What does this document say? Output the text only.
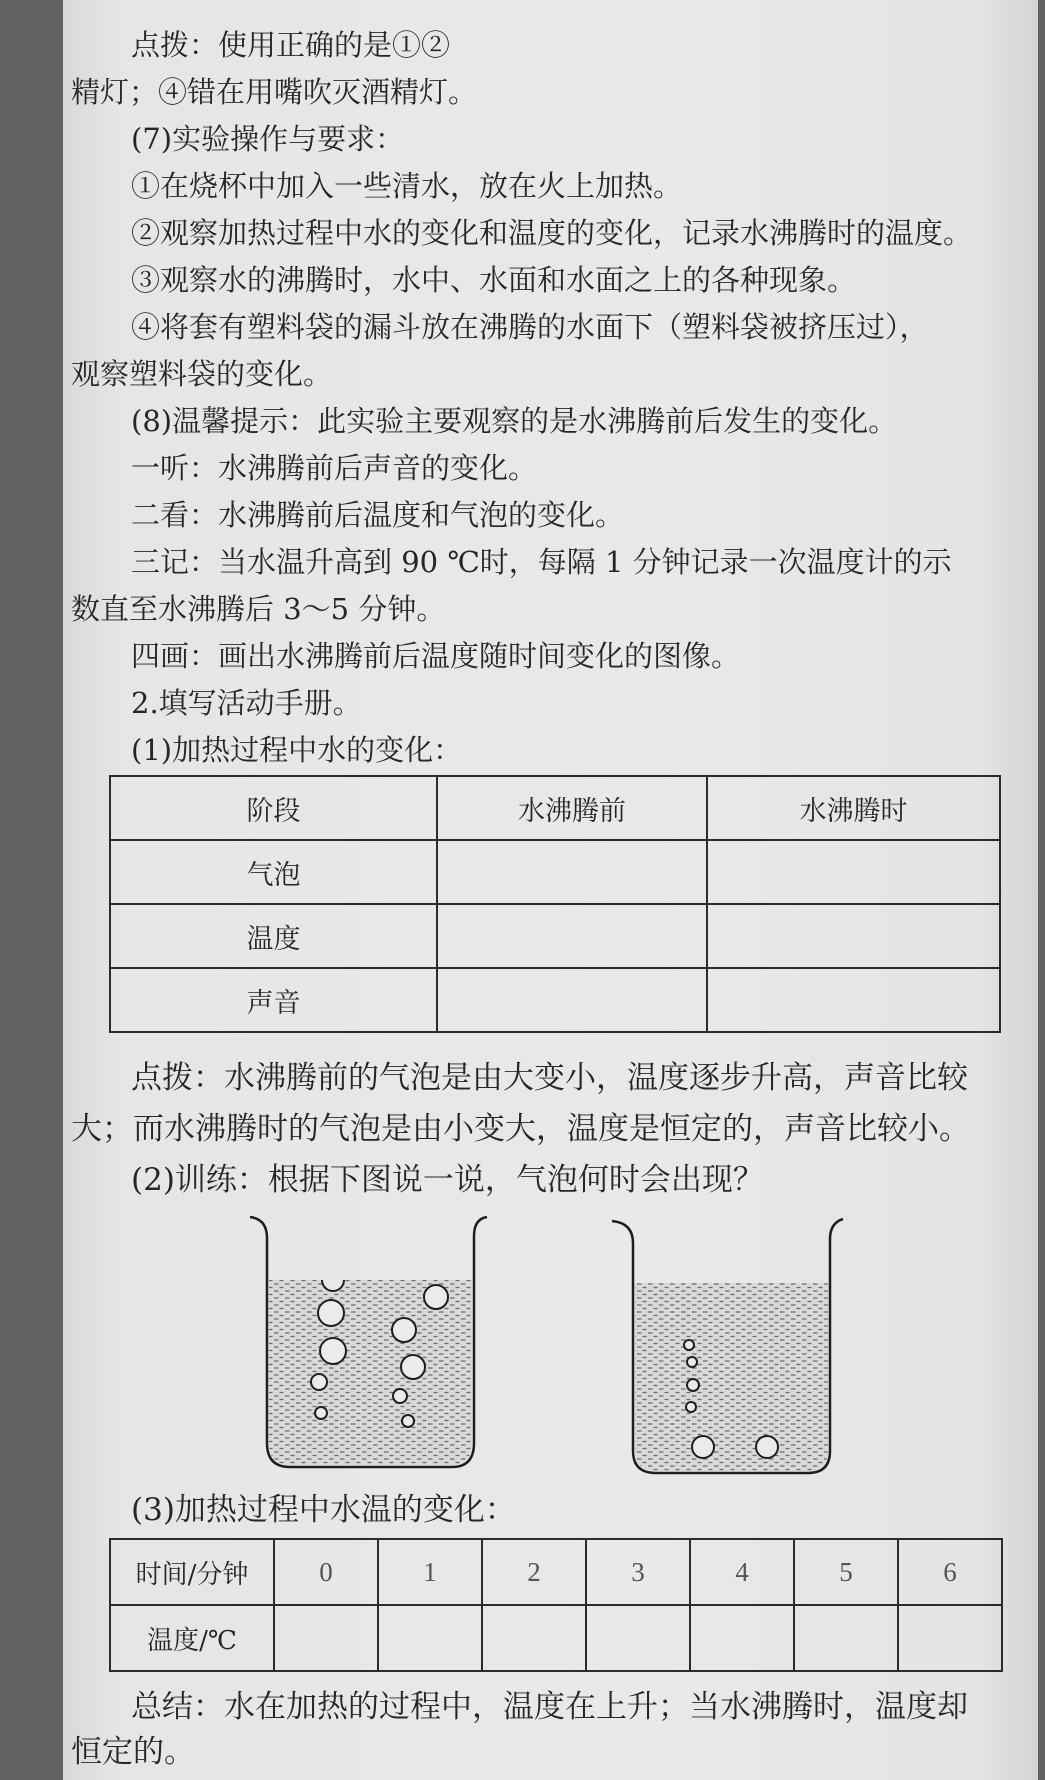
点拨：使用正确的是①②
精灯；④错在用嘴吹灭酒精灯。
(7)实验操作与要求：
①在烧杯中加入一些清水，放在火上加热。
②观察加热过程中水的变化和温度的变化，记录水沸腾时的温度。
③观察水的沸腾时，水中、水面和水面之上的各种现象。
④将套有塑料袋的漏斗放在沸腾的水面下（塑料袋被挤压过），
观察塑料袋的变化。
(8)温馨提示：此实验主要观察的是水沸腾前后发生的变化。
一听：水沸腾前后声音的变化。
二看：水沸腾前后温度和气泡的变化。
三记：当水温升高到 90 ℃时，每隔 1 分钟记录一次温度计的示
数直至水沸腾后 3～5 分钟。
四画：画出水沸腾前后温度随时间变化的图像。
2.填写活动手册。
(1)加热过程中水的变化：
阶段	水沸腾前	水沸腾时
气泡		
温度		
声音		
点拨：水沸腾前的气泡是由大变小，温度逐步升高，声音比较
大；而水沸腾时的气泡是由小变大，温度是恒定的，声音比较小。
(2)训练：根据下图说一说，气泡何时会出现？
(3)加热过程中水温的变化：
时间/分钟	0	1	2	3	4	5	6
温度/℃							
总结：水在加热的过程中，温度在上升；当水沸腾时，温度却
恒定的。
